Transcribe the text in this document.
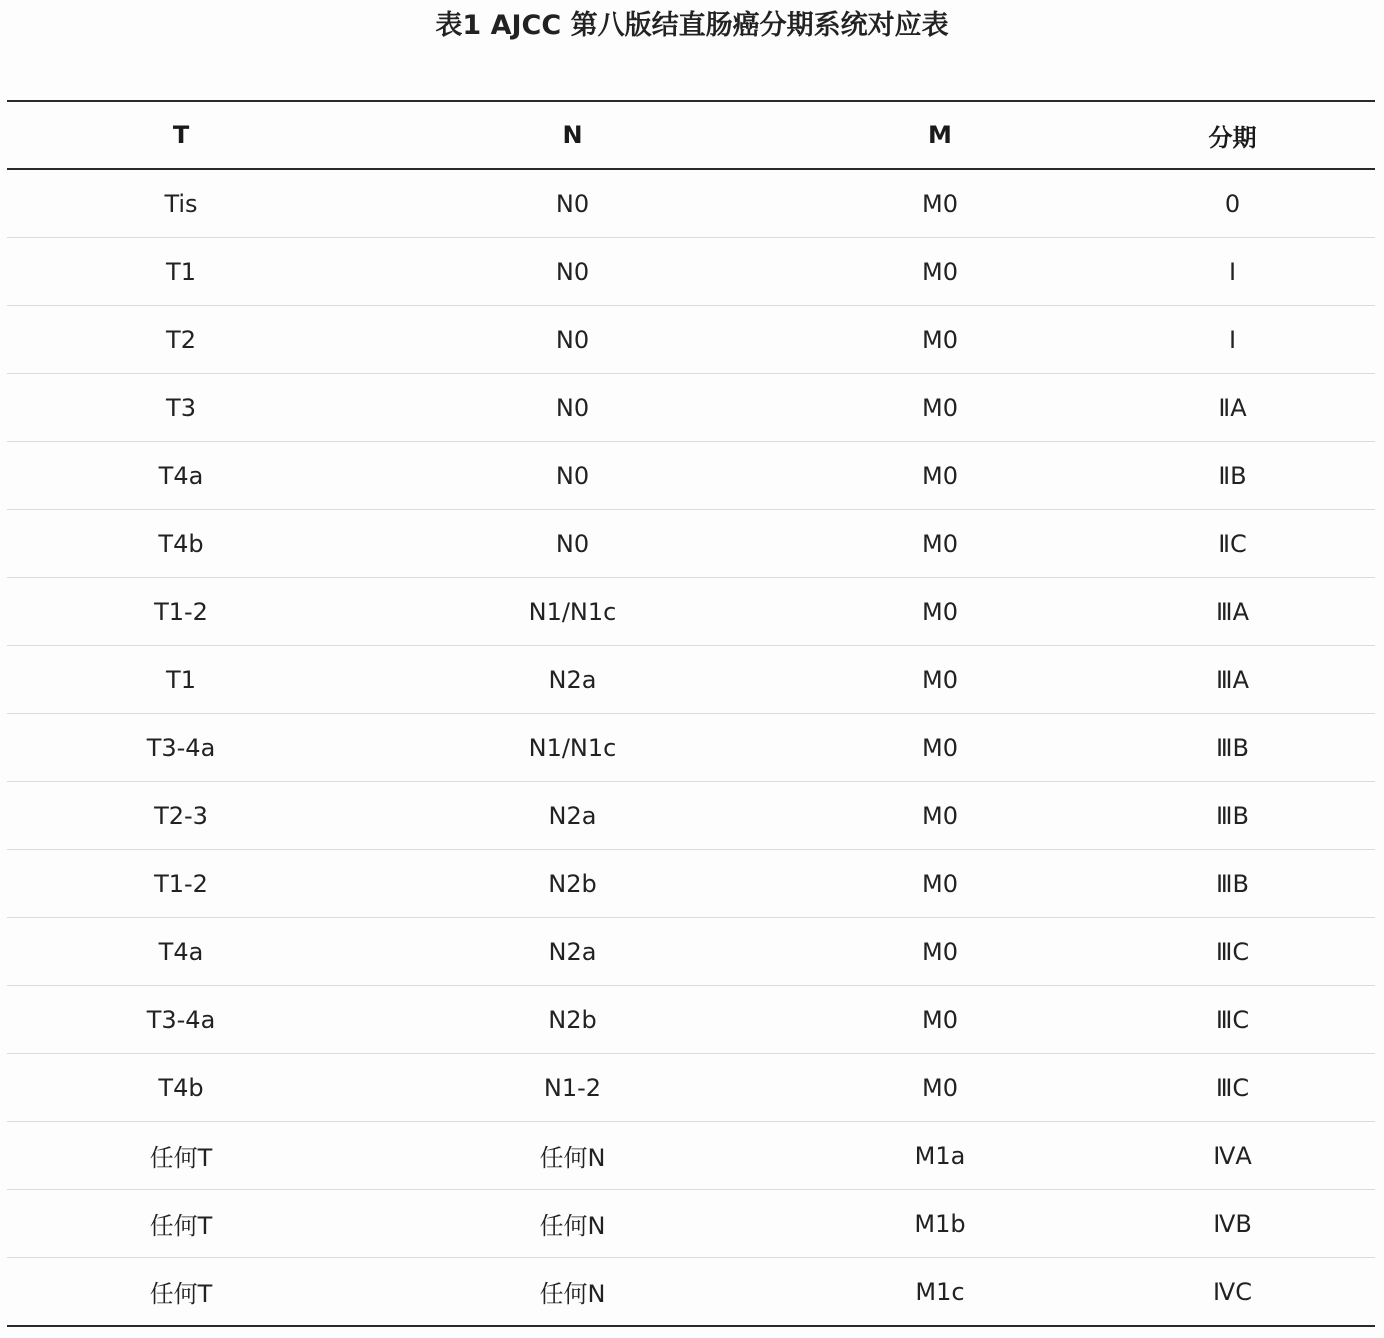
表1 AJCC 第八版结直肠癌分期系统对应表
T	N	M	分期
Tis	N0	M0	0
T1	N0	M0	Ⅰ
T2	N0	M0	Ⅰ
T3	N0	M0	ⅡA
T4a	N0	M0	ⅡB
T4b	N0	M0	ⅡC
T1-2	N1/N1c	M0	ⅢA
T1	N2a	M0	ⅢA
T3-4a	N1/N1c	M0	ⅢB
T2-3	N2a	M0	ⅢB
T1-2	N2b	M0	ⅢB
T4a	N2a	M0	ⅢC
T3-4a	N2b	M0	ⅢC
T4b	N1-2	M0	ⅢC
任何T	任何N	M1a	ⅣA
任何T	任何N	M1b	ⅣB
任何T	任何N	M1c	ⅣC
